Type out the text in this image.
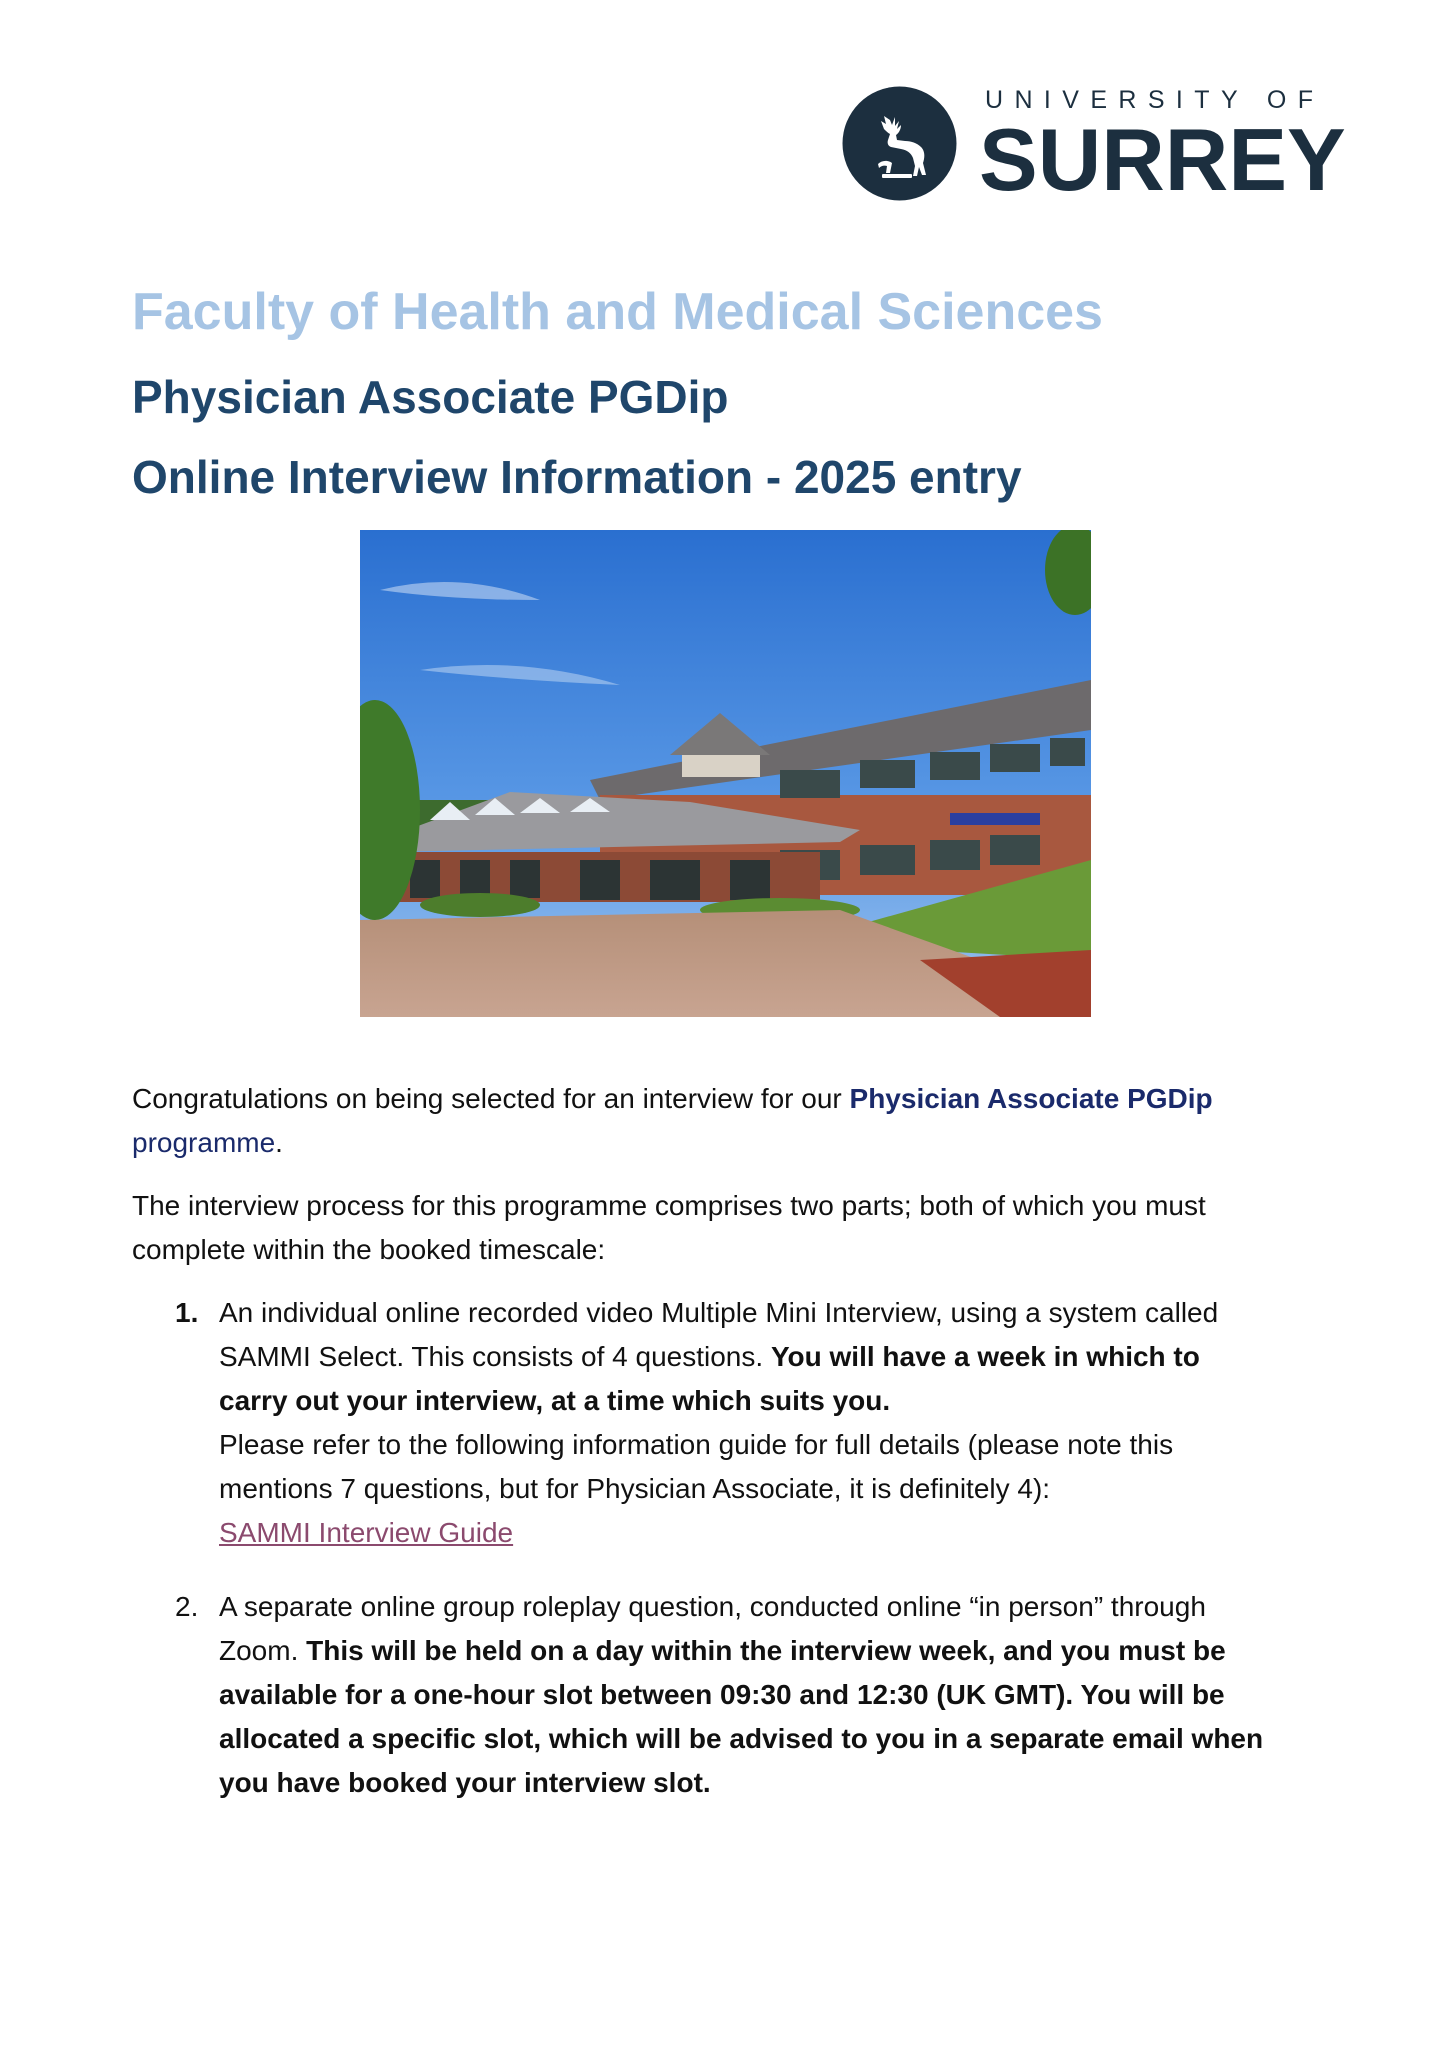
UNIVERSITY OF
SURREY
Faculty of Health and Medical Sciences
Physician Associate PGDip
Online Interview Information - 2025 entry
Congratulations on being selected for an interview for our Physician Associate PGDip
programme.
The interview process for this programme comprises two parts; both of which you must
complete within the booked timescale:
1. An individual online recorded video Multiple Mini Interview, using a system called
SAMMI Select. This consists of 4 questions. You will have a week in which to
carry out your interview, at a time which suits you.
Please refer to the following information guide for full details (please note this
mentions 7 questions, but for Physician Associate, it is definitely 4):
SAMMI Interview Guide
2. A separate online group roleplay question, conducted online “in person” through
Zoom. This will be held on a day within the interview week, and you must be
available for a one-hour slot between 09:30 and 12:30 (UK GMT). You will be
allocated a specific slot, which will be advised to you in a separate email when
you have booked your interview slot.
